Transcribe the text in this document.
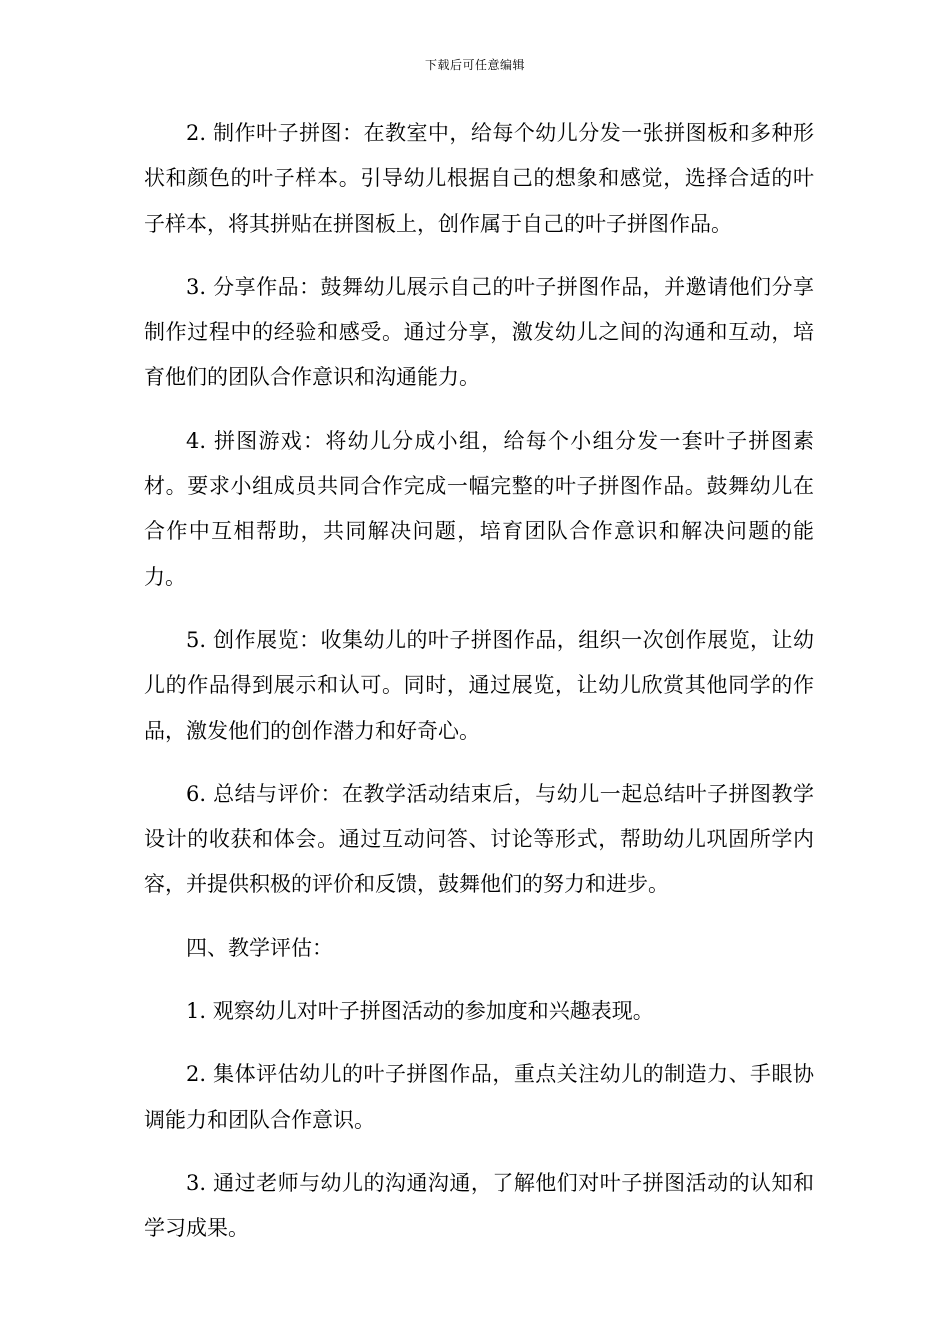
下载后可任意编辑

2. 制作叶子拼图：在教室中，给每个幼儿分发一张拼图板和多种形状和颜色的叶子样本。引导幼儿根据自己的想象和感觉，选择合适的叶子样本，将其拼贴在拼图板上，创作属于自己的叶子拼图作品。

3. 分享作品：鼓舞幼儿展示自己的叶子拼图作品，并邀请他们分享制作过程中的经验和感受。通过分享，激发幼儿之间的沟通和互动，培育他们的团队合作意识和沟通能力。

4. 拼图游戏：将幼儿分成小组，给每个小组分发一套叶子拼图素材。要求小组成员共同合作完成一幅完整的叶子拼图作品。鼓舞幼儿在合作中互相帮助，共同解决问题，培育团队合作意识和解决问题的能力。

5. 创作展览：收集幼儿的叶子拼图作品，组织一次创作展览，让幼儿的作品得到展示和认可。同时，通过展览，让幼儿欣赏其他同学的作品，激发他们的创作潜力和好奇心。

6. 总结与评价：在教学活动结束后，与幼儿一起总结叶子拼图教学设计的收获和体会。通过互动问答、讨论等形式，帮助幼儿巩固所学内容，并提供积极的评价和反馈，鼓舞他们的努力和进步。

四、教学评估：

1. 观察幼儿对叶子拼图活动的参加度和兴趣表现。

2. 集体评估幼儿的叶子拼图作品，重点关注幼儿的制造力、手眼协调能力和团队合作意识。

3. 通过老师与幼儿的沟通沟通，了解他们对叶子拼图活动的认知和学习成果。
